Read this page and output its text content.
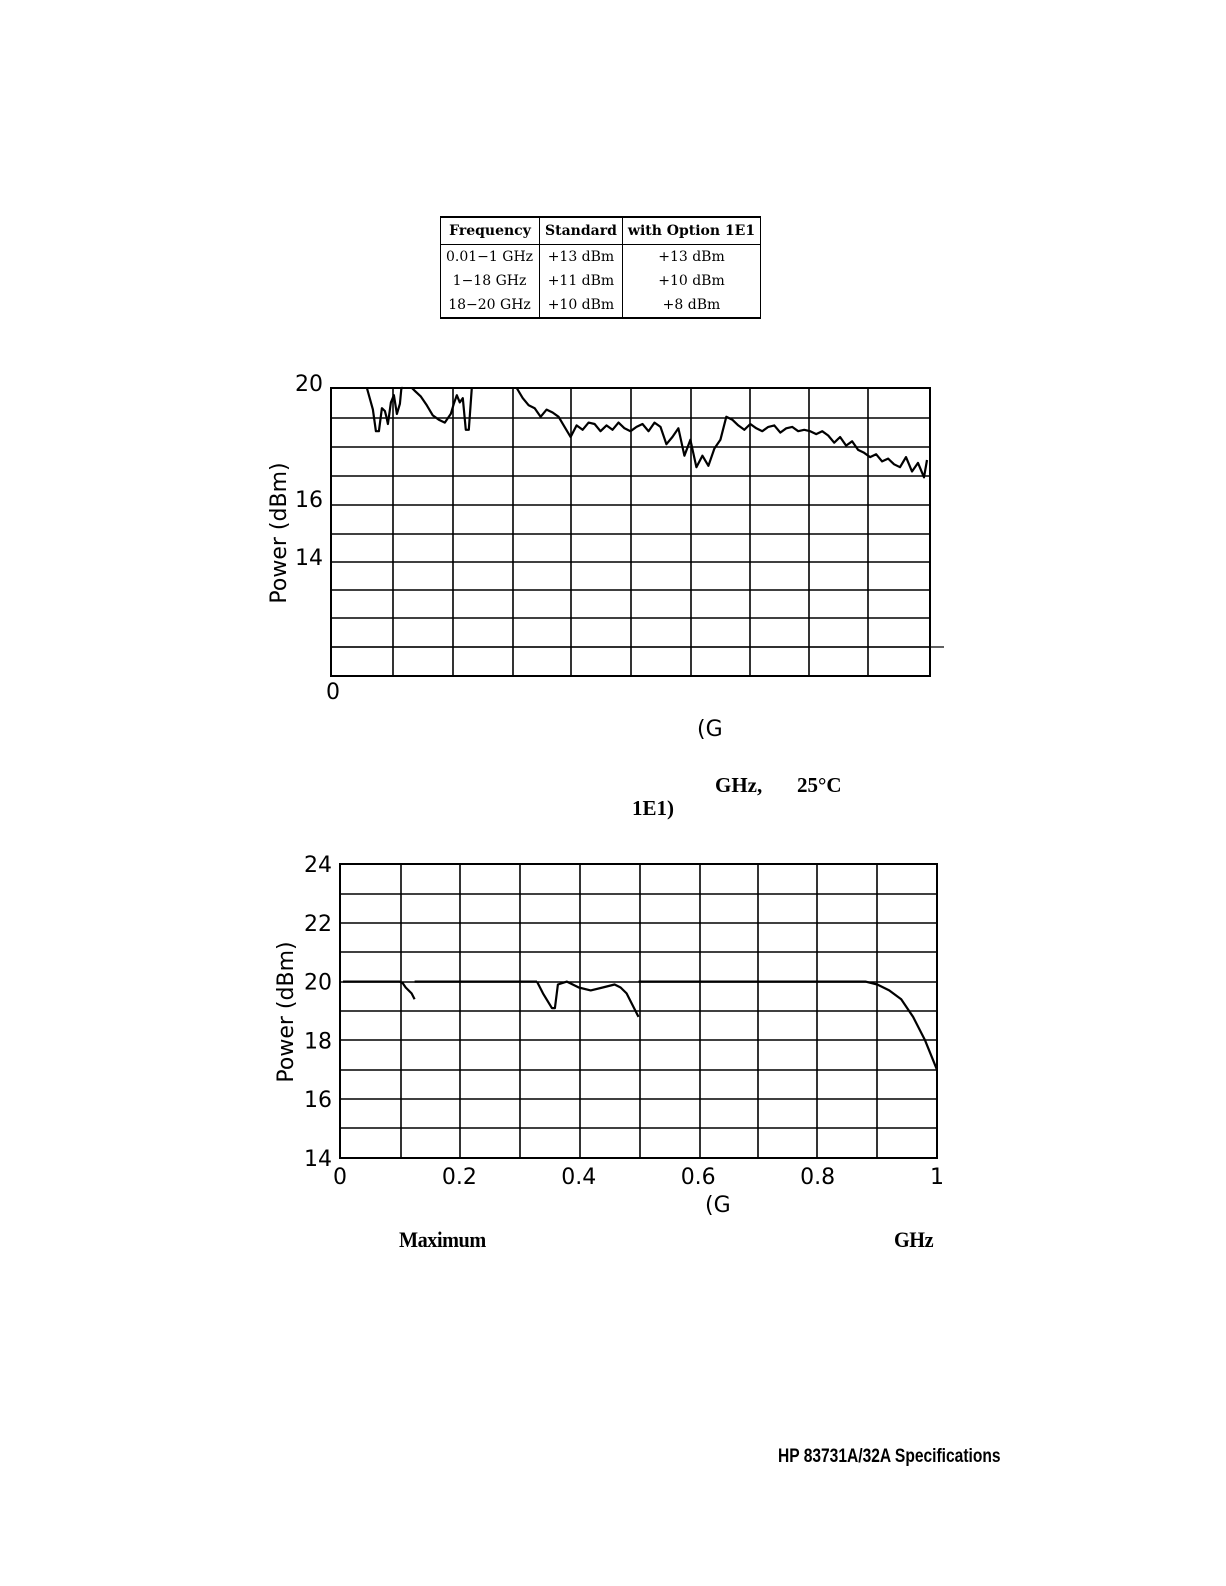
Frequency	Standard	with Option 1E1
0.01−1 GHz	+13 dBm	+13 dBm
1−18 GHz	+11 dBm	+10 dBm
18−20 GHz	+10 dBm	+8 dBm
20
16
14
0
Power (dBm)
(G
24
22
20
18
16
14
0	0.2	0.4	0.6	0.8	1
Power (dBm)
(G
GHz, 25°C
1E1)
Maximum	GHz
HP 83731A/32A Specifications
